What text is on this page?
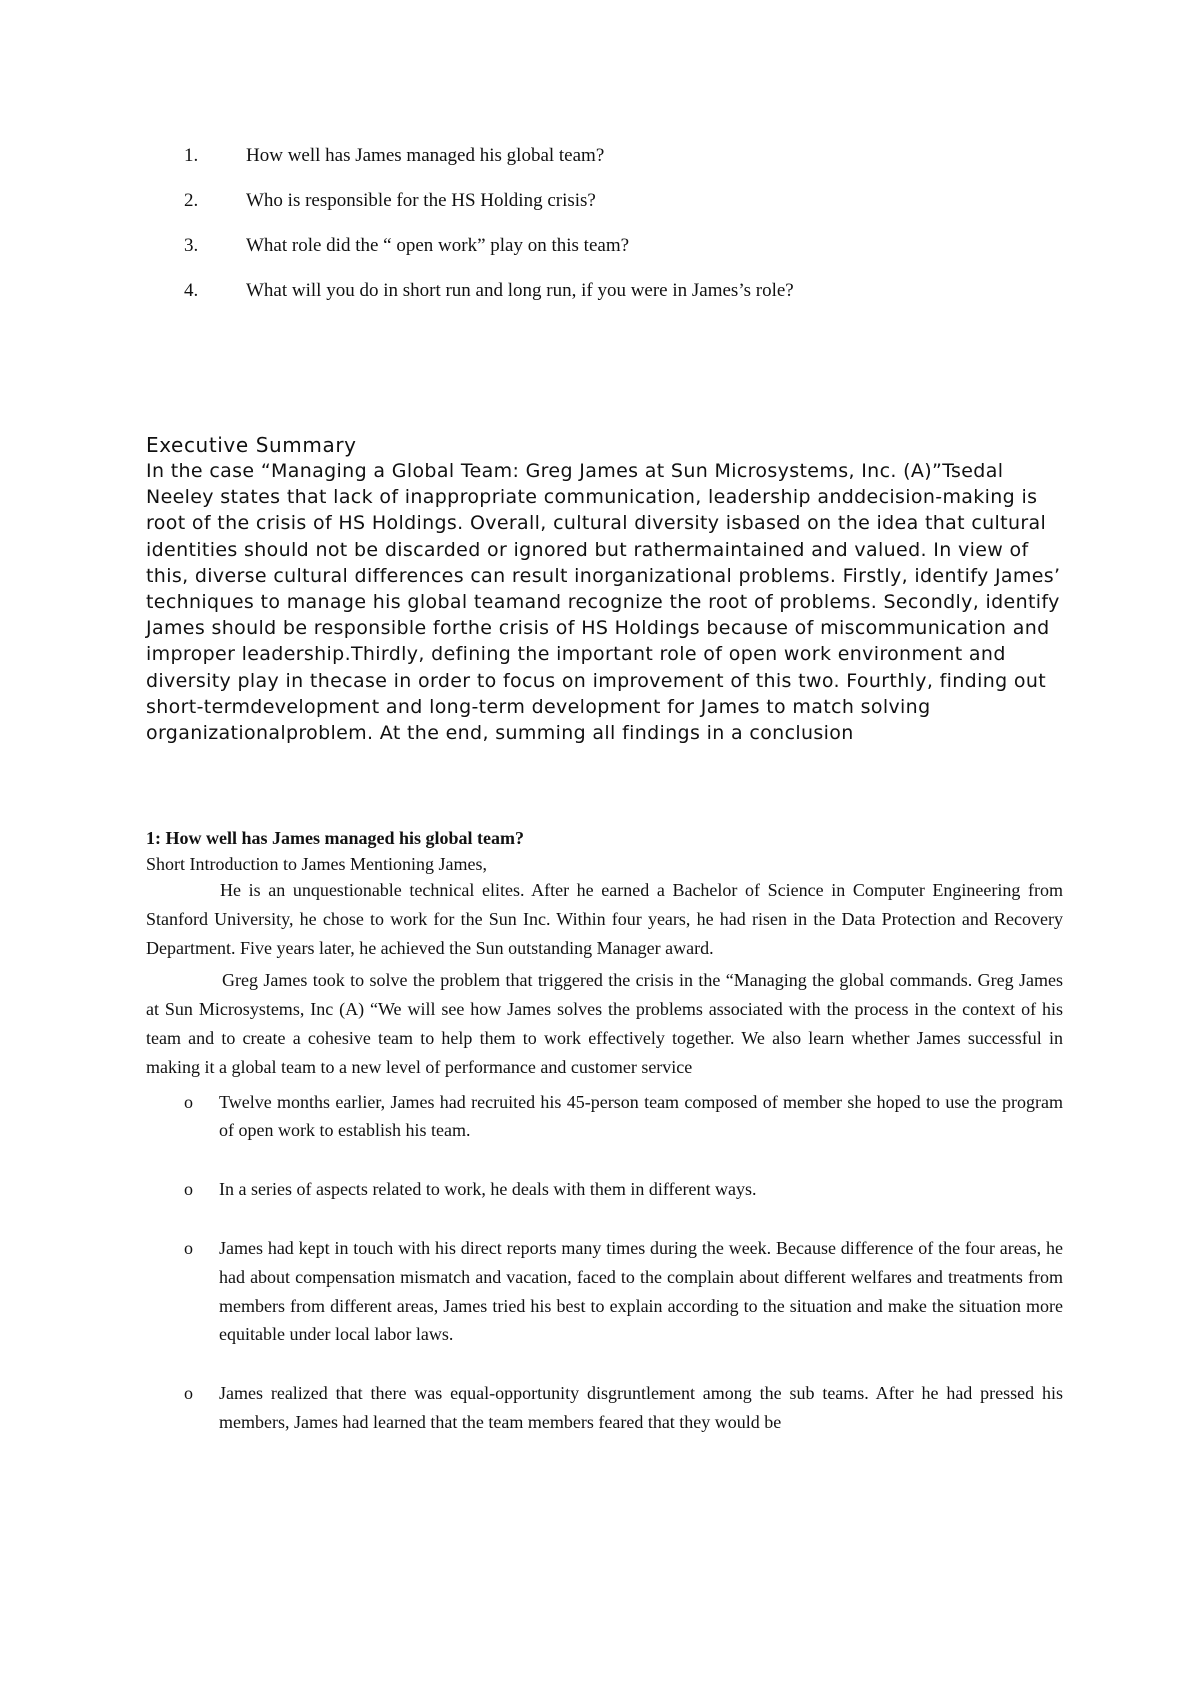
1.	How well has James managed his global team?
2.	Who is responsible for the HS Holding crisis?
3.	What role did the “ open work” play on this team?
4.	What will you do in short run and long run, if you were in James’s role?
Executive Summary

In the case “Managing a Global Team: Greg James at Sun Microsystems, Inc. (A)”Tsedal Neeley states that lack of inappropriate communication, leadership anddecision-making is root of the crisis of HS Holdings. Overall, cultural diversity isbased on the idea that cultural identities should not be discarded or ignored but rathermaintained and valued. In view of this, diverse cultural differences can result inorganizational problems. Firstly, identify James’ techniques to manage his global teamand recognize the root of problems. Secondly, identify James should be responsible forthe crisis of HS Holdings because of miscommunication and improper leadership.Thirdly, defining the important role of open work environment and diversity play in thecase in order to focus on improvement of this two. Fourthly, finding out short-termdevelopment and long-term development for James to match solving organizationalproblem. At the end, summing all findings in a conclusion

1: How well has James managed his global team?

Short Introduction to James Mentioning James,

He is an unquestionable technical elites. After he earned a Bachelor of Science in Computer Engineering from Stanford University, he chose to work for the Sun Inc. Within four years, he had risen in the Data Protection and Recovery Department. Five years later, he achieved the Sun outstanding Manager award.

Greg James took to solve the problem that triggered the crisis in the “Managing the global commands. Greg James at Sun Microsystems, Inc (A) “We will see how James solves the problems associated with the process in the context of his team and to create a cohesive team to help them to work effectively together. We also learn whether James successful in making it a global team to a new level of performance and customer service

o Twelve months earlier, James had recruited his 45-person team composed of member she hoped to use the program of open work to establish his team.
o In a series of aspects related to work, he deals with them in different ways.
o James had kept in touch with his direct reports many times during the week. Because difference of the four areas, he had about compensation mismatch and vacation, faced to the complain about different welfares and treatments from members from different areas, James tried his best to explain according to the situation and make the situation more equitable under local labor laws.
o James realized that there was equal-opportunity disgruntlement among the sub teams. After he had pressed his members, James had learned that the team members feared that they would be
